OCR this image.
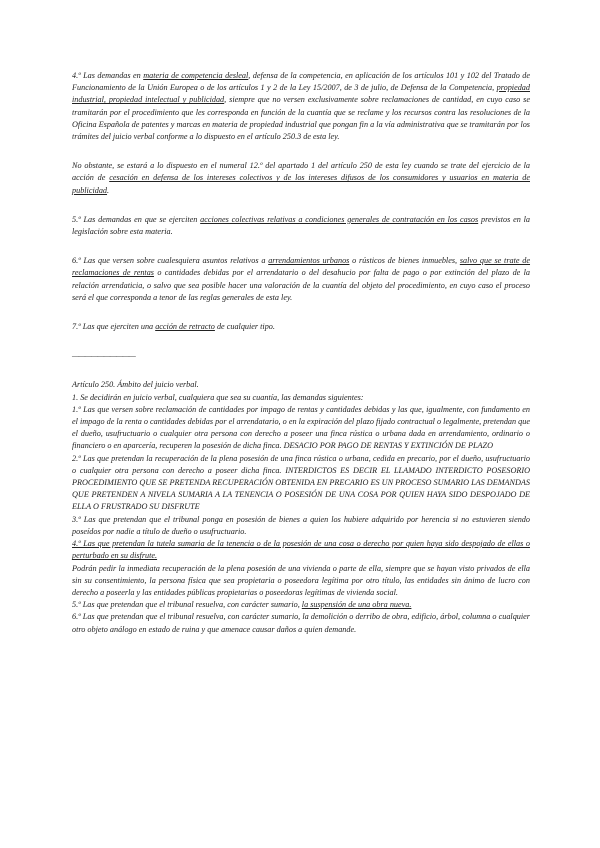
4.º Las demandas en materia de competencia desleal, defensa de la competencia, en aplicación de los artículos 101 y 102 del Tratado de Funcionamiento de la Unión Europea o de los artículos 1 y 2 de la Ley 15/2007, de 3 de julio, de Defensa de la Competencia, propiedad industrial, propiedad intelectual y publicidad, siempre que no versen exclusivamente sobre reclamaciones de cantidad, en cuyo caso se tramitarán por el procedimiento que les corresponda en función de la cuantía que se reclame y los recursos contra las resoluciones de la Oficina Española de patentes y marcas en materia de propiedad industrial que pongan fin a la vía administrativa que se tramitarán por los trámites del juicio verbal conforme a lo dispuesto en el artículo 250.3 de esta ley.

No obstante, se estará a lo dispuesto en el numeral 12.º del apartado 1 del artículo 250 de esta ley cuando se trate del ejercicio de la acción de cesación en defensa de los intereses colectivos y de los intereses difusos de los consumidores y usuarios en materia de publicidad.

5.º Las demandas en que se ejerciten acciones colectivas relativas a condiciones generales de contratación en los casos previstos en la legislación sobre esta materia.

6.º Las que versen sobre cualesquiera asuntos relativos a arrendamientos urbanos o rústicos de bienes inmuebles, salvo que se trate de reclamaciones de rentas o cantidades debidas por el arrendatario o del desahucio por falta de pago o por extinción del plazo de la relación arrendaticia, o salvo que sea posible hacer una valoración de la cuantía del objeto del procedimiento, en cuyo caso el proceso será el que corresponda a tenor de las reglas generales de esta ley.

7.º Las que ejerciten una acción de retracto de cualquier tipo.

——————————

Artículo 250. Ámbito del juicio verbal.

1. Se decidirán en juicio verbal, cualquiera que sea su cuantía, las demandas siguientes:

1.º Las que versen sobre reclamación de cantidades por impago de rentas y cantidades debidas y las que, igualmente, con fundamento en el impago de la renta o cantidades debidas por el arrendatario, o en la expiración del plazo fijado contractual o legalmente, pretendan que el dueño, usufructuario o cualquier otra persona con derecho a poseer una finca rústica o urbana dada en arrendamiento, ordinario o financiero o en aparcería, recuperen la posesión de dicha finca. DESACIO POR PAGO DE RENTAS Y EXTINCIÓN DE PLAZO

2.º Las que pretendan la recuperación de la plena posesión de una finca rústica o urbana, cedida en precario, por el dueño, usufructuario o cualquier otra persona con derecho a poseer dicha finca. INTERDICTOS ES DECIR EL LLAMADO INTERDICTO POSESORIO PROCEDIMIENTO QUE SE PRETENDA RECUPERACIÓN OBTENIDA EN PRECARIO ES UN PROCESO SUMARIO LAS DEMANDAS QUE PRETENDEN A NIVELA SUMARIA A LA TENENCIA O POSESIÓN DE UNA COSA POR QUIEN HAYA SIDO DESPOJADO DE ELLA O FRUSTRADO SU DISFRUTE

3.º Las que pretendan que el tribunal ponga en posesión de bienes a quien los hubiere adquirido por herencia si no estuvieren siendo poseídos por nadie a título de dueño o usufructuario.

4.º Las que pretendan la tutela sumaria de la tenencia o de la posesión de una cosa o derecho por quien haya sido despojado de ellas o perturbado en su disfrute.

Podrán pedir la inmediata recuperación de la plena posesión de una vivienda o parte de ella, siempre que se hayan visto privados de ella sin su consentimiento, la persona física que sea propietaria o poseedora legítima por otro título, las entidades sin ánimo de lucro con derecho a poseerla y las entidades públicas propietarias o poseedoras legítimas de vivienda social.

5.º Las que pretendan que el tribunal resuelva, con carácter sumario, la suspensión de una obra nueva.

6.º Las que pretendan que el tribunal resuelva, con carácter sumario, la demolición o derribo de obra, edificio, árbol, columna o cualquier otro objeto análogo en estado de ruina y que amenace causar daños a quien demande.
